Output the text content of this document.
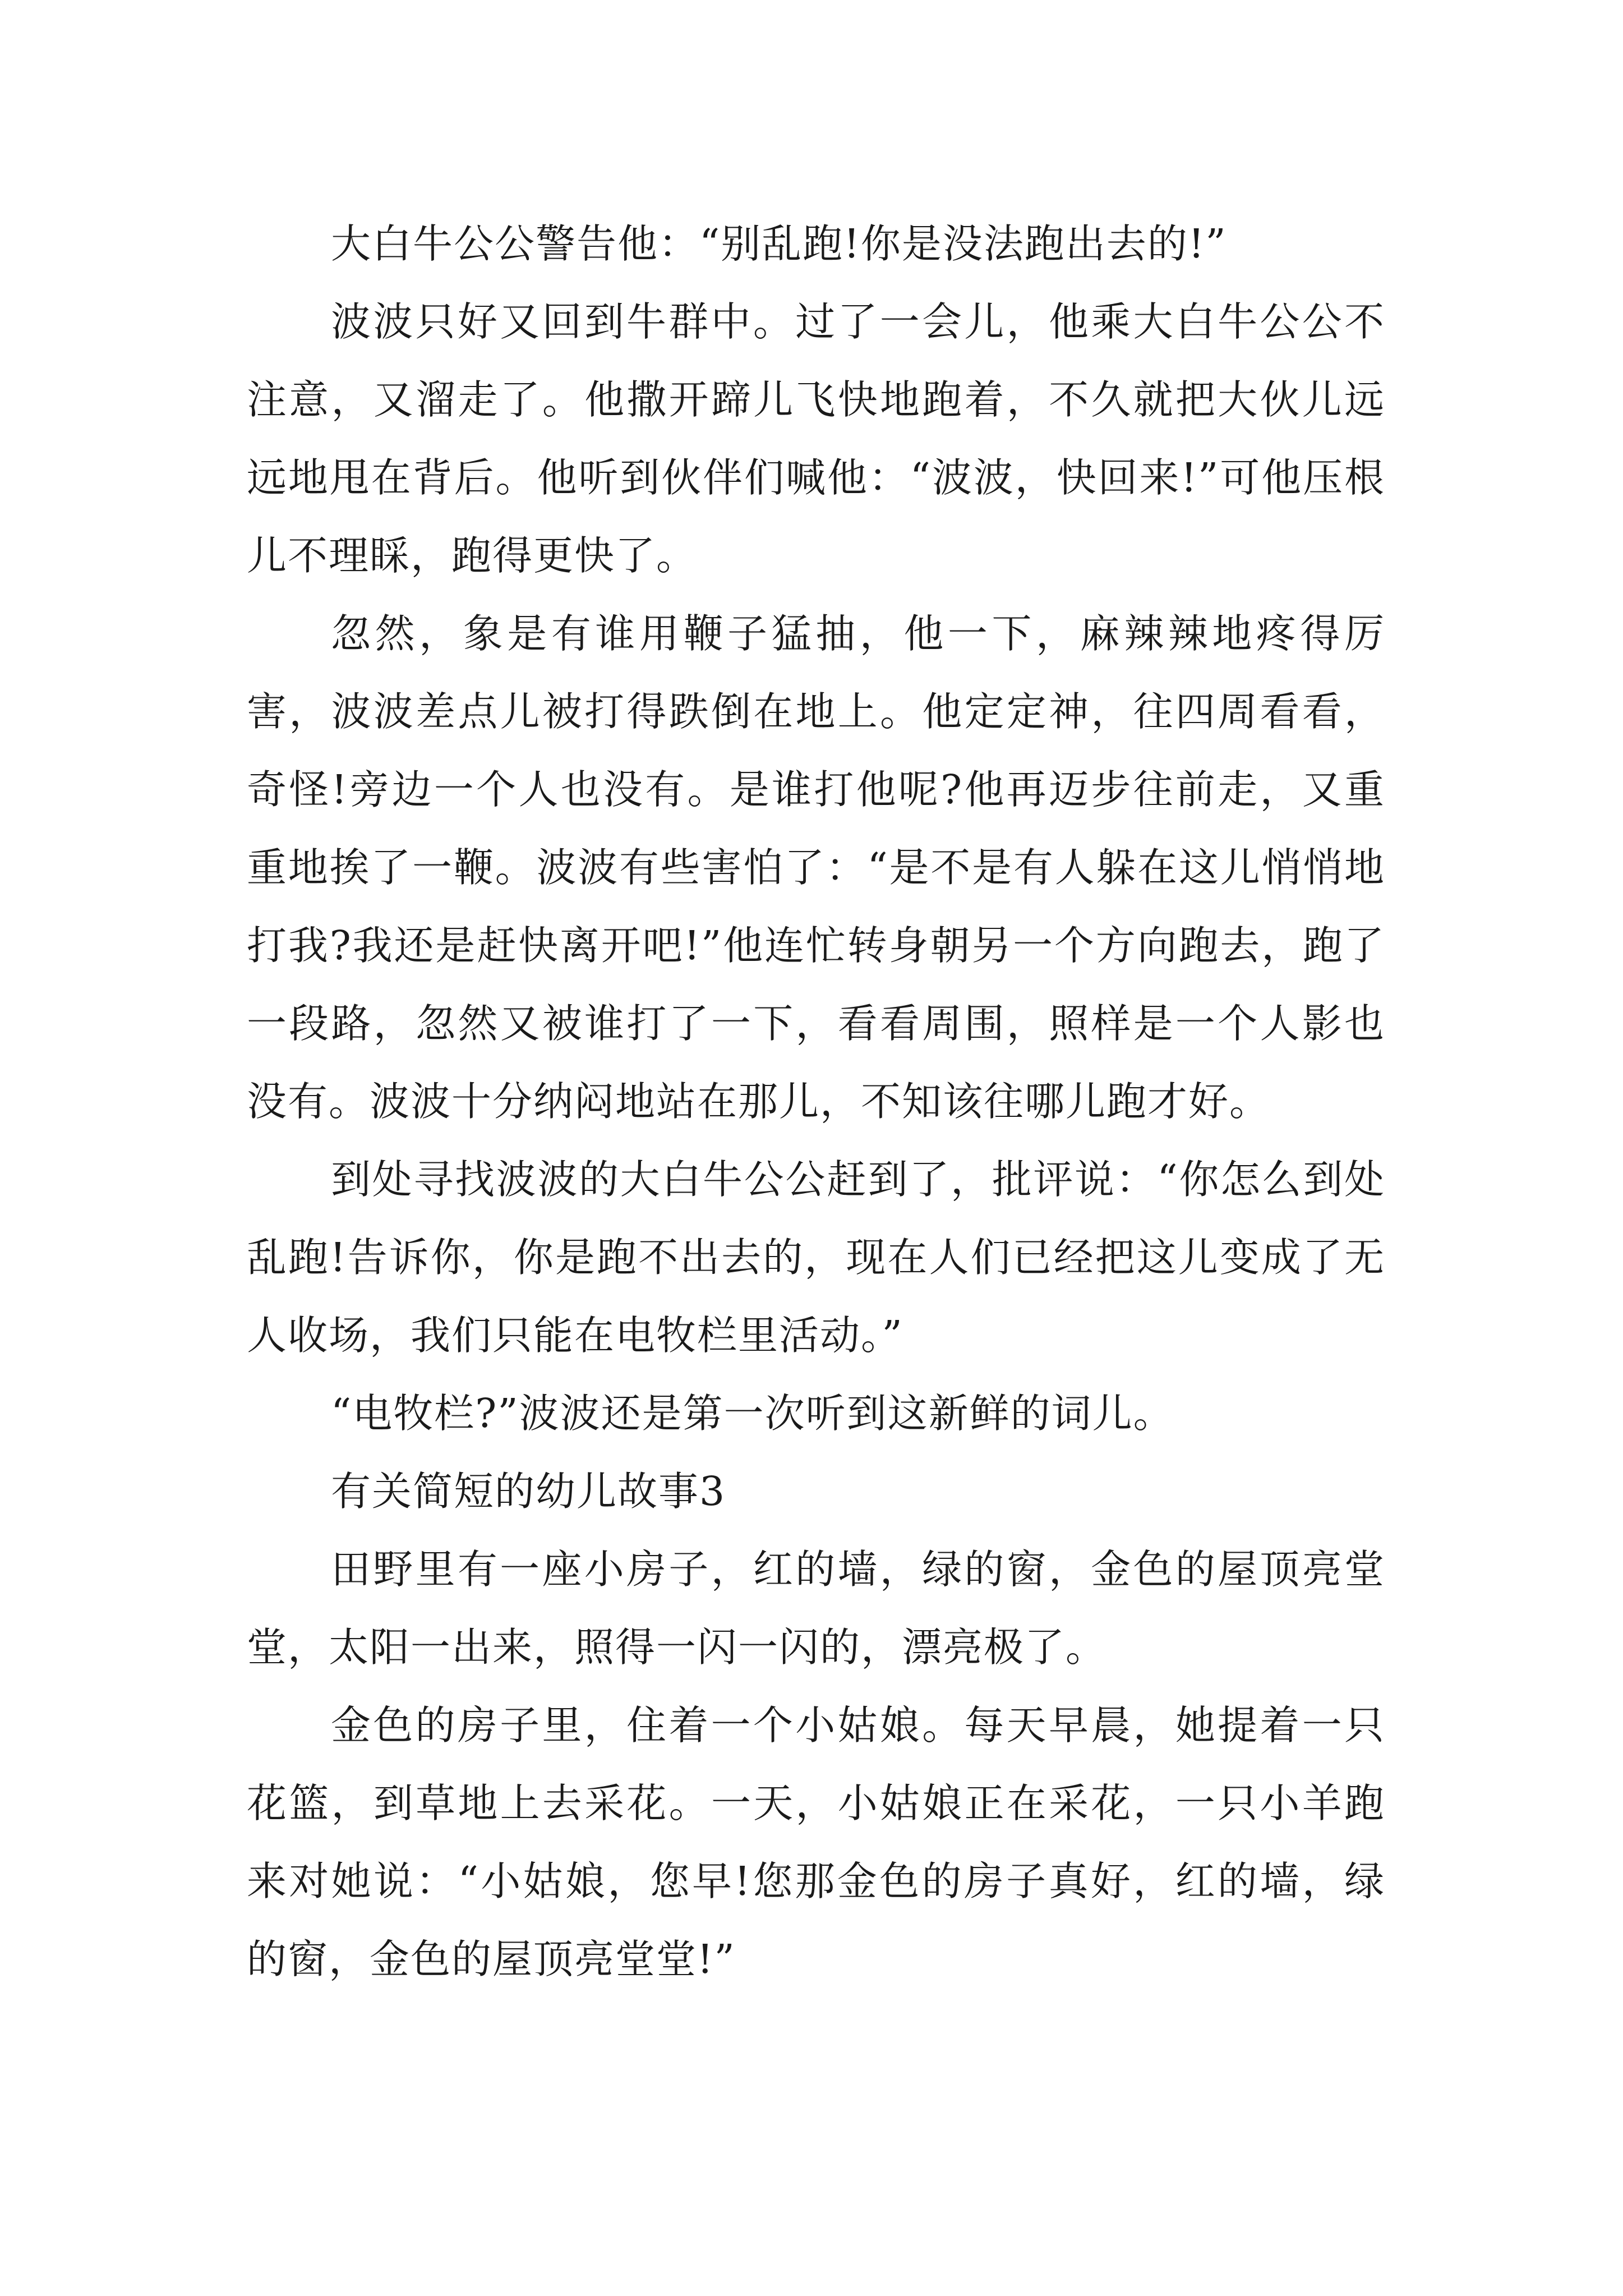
大白牛公公警告他：“别乱跑!你是没法跑出去的!”

波波只好又回到牛群中。过了一会儿，他乘大白牛公公不注意，又溜走了。他撒开蹄儿飞快地跑着，不久就把大伙儿远远地甩在背后。他听到伙伴们喊他：“波波，快回来!”可他压根儿不理睬，跑得更快了。

忽然，象是有谁用鞭子猛抽，他一下，麻辣辣地疼得厉害，波波差点儿被打得跌倒在地上。他定定神，往四周看看，奇怪!旁边一个人也没有。是谁打他呢?他再迈步往前走，又重重地挨了一鞭。波波有些害怕了：“是不是有人躲在这儿悄悄地打我?我还是赶快离开吧!”他连忙转身朝另一个方向跑去，跑了一段路，忽然又被谁打了一下，看看周围，照样是一个人影也没有。波波十分纳闷地站在那儿，不知该往哪儿跑才好。

到处寻找波波的大白牛公公赶到了，批评说：“你怎么到处乱跑!告诉你，你是跑不出去的，现在人们已经把这儿变成了无人收场，我们只能在电牧栏里活动。”

“电牧栏?”波波还是第一次听到这新鲜的词儿。

有关简短的幼儿故事3

田野里有一座小房子，红的墙，绿的窗，金色的屋顶亮堂堂，太阳一出来，照得一闪一闪的，漂亮极了。

金色的房子里，住着一个小姑娘。每天早晨，她提着一只花篮，到草地上去采花。一天，小姑娘正在采花，一只小羊跑来对她说：“小姑娘，您早!您那金色的房子真好，红的墙，绿的窗，金色的屋顶亮堂堂!”
